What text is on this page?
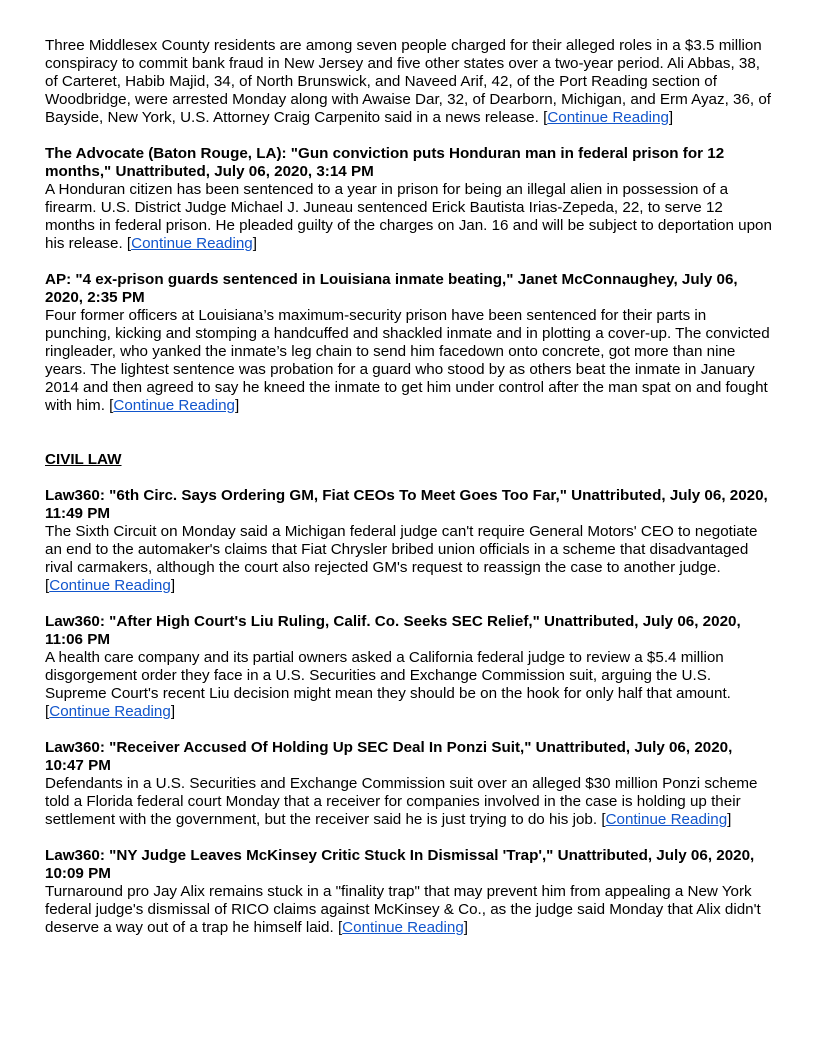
Three Middlesex County residents are among seven people charged for their alleged roles in a $3.5 million conspiracy to commit bank fraud in New Jersey and five other states over a two-year period. Ali Abbas, 38, of Carteret, Habib Majid, 34, of North Brunswick, and Naveed Arif, 42, of the Port Reading section of Woodbridge, were arrested Monday along with Awaise Dar, 32, of Dearborn, Michigan, and Erm Ayaz, 36, of Bayside, New York, U.S. Attorney Craig Carpenito said in a news release. [Continue Reading]

The Advocate (Baton Rouge, LA): "Gun conviction puts Honduran man in federal prison for 12 months," Unattributed, July 06, 2020, 3:14 PM

A Honduran citizen has been sentenced to a year in prison for being an illegal alien in possession of a firearm. U.S. District Judge Michael J. Juneau sentenced Erick Bautista Irias-Zepeda, 22, to serve 12 months in federal prison. He pleaded guilty of the charges on Jan. 16 and will be subject to deportation upon his release. [Continue Reading]

AP: "4 ex-prison guards sentenced in Louisiana inmate beating," Janet McConnaughey, July 06, 2020, 2:35 PM

Four former officers at Louisiana’s maximum-security prison have been sentenced for their parts in punching, kicking and stomping a handcuffed and shackled inmate and in plotting a cover-up. The convicted ringleader, who yanked the inmate’s leg chain to send him facedown onto concrete, got more than nine years. The lightest sentence was probation for a guard who stood by as others beat the inmate in January 2014 and then agreed to say he kneed the inmate to get him under control after the man spat on and fought with him. [Continue Reading]

CIVIL LAW

Law360: "6th Circ. Says Ordering GM, Fiat CEOs To Meet Goes Too Far," Unattributed, July 06, 2020, 11:49 PM

The Sixth Circuit on Monday said a Michigan federal judge can't require General Motors' CEO to negotiate an end to the automaker's claims that Fiat Chrysler bribed union officials in a scheme that disadvantaged rival carmakers, although the court also rejected GM's request to reassign the case to another judge. [Continue Reading]

Law360: "After High Court's Liu Ruling, Calif. Co. Seeks SEC Relief," Unattributed, July 06, 2020, 11:06 PM

A health care company and its partial owners asked a California federal judge to review a $5.4 million disgorgement order they face in a U.S. Securities and Exchange Commission suit, arguing the U.S. Supreme Court's recent Liu decision might mean they should be on the hook for only half that amount. [Continue Reading]

Law360: "Receiver Accused Of Holding Up SEC Deal In Ponzi Suit," Unattributed, July 06, 2020, 10:47 PM

Defendants in a U.S. Securities and Exchange Commission suit over an alleged $30 million Ponzi scheme told a Florida federal court Monday that a receiver for companies involved in the case is holding up their settlement with the government, but the receiver said he is just trying to do his job. [Continue Reading]

Law360: "NY Judge Leaves McKinsey Critic Stuck In Dismissal 'Trap'," Unattributed, July 06, 2020, 10:09 PM

Turnaround pro Jay Alix remains stuck in a "finality trap" that may prevent him from appealing a New York federal judge's dismissal of RICO claims against McKinsey & Co., as the judge said Monday that Alix didn't deserve a way out of a trap he himself laid. [Continue Reading]
